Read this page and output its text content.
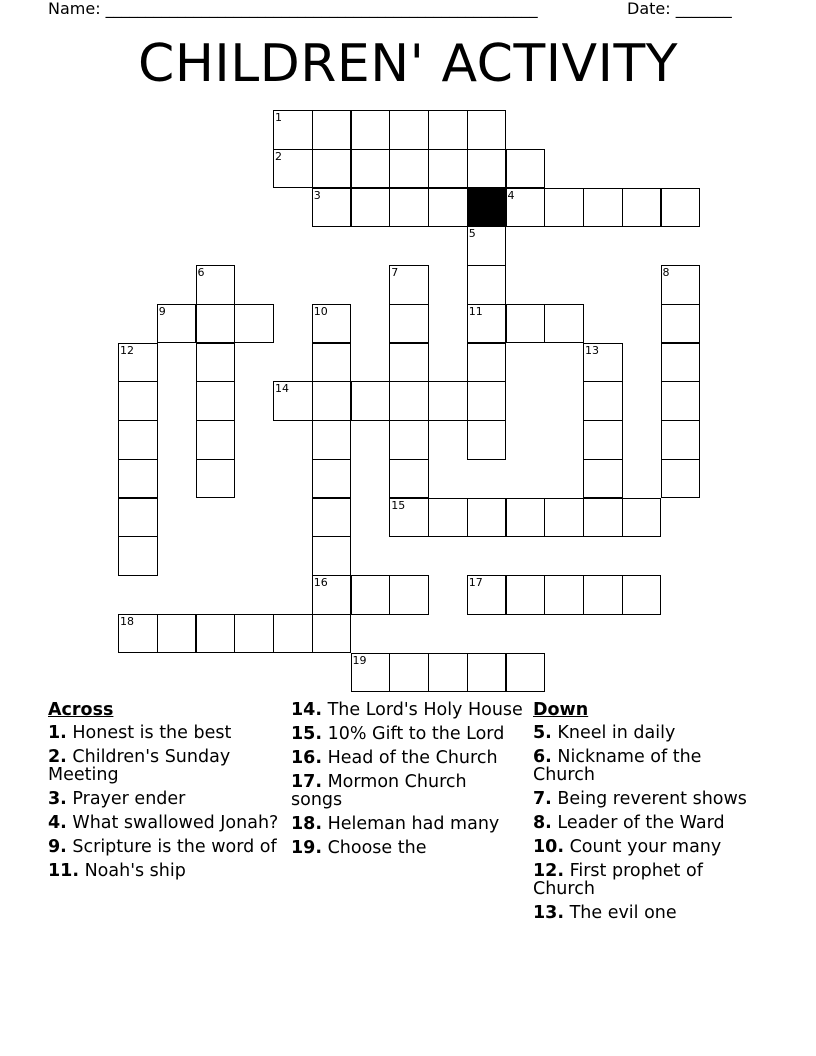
Name: ______________________________________________________	Date: _______
CHILDREN' ACTIVITY
1
2
3	4
5
11
6	7
15
8
9	10
16
12	13
14
17
18
19
Across
1. Honest is the best
2. Children's Sunday Meeting
3. Prayer ender
4. What swallowed Jonah?
9. Scripture is the word of
11. Noah's ship
14. The Lord's Holy House
15. 10% Gift to the Lord
16. Head of the Church
17. Mormon Church songs
18. Heleman had many
19. Choose the
Down
5. Kneel in daily
6. Nickname of the Church
7. Being reverent shows
8. Leader of the Ward
10. Count your many
12. First prophet of Church
13. The evil one
